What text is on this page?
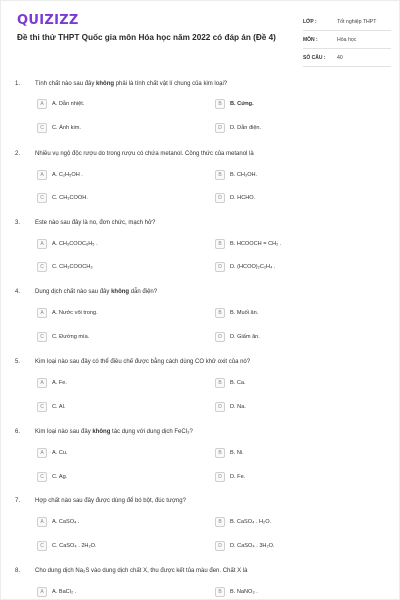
QUIZIZZ
Đề thi thử THPT Quốc gia môn Hóa học năm 2022 có đáp án (Đề 4)
LỚP :	Tốt nghiệp THPT
MÔN :	Hóa học
SỐ CÂU :	40
1. Tính chất nào sau đây không phải là tính chất vật lí chung của kim loại?
A	A. Dẫn nhiệt.	B	B. Cứng.
C	C. Ánh kim.	D	D. Dẫn điện.
2. Nhiều vụ ngộ độc rượu do trong rượu có chứa metanol. Công thức của metanol là
A	A. C₂H₅OH .	B	B. CH₃OH.
C	C. CH₃COOH.	D	D. HCHO.
3. Este nào sau đây là no, đơn chức, mạch hở?
A	A. CH₃COOC₆H₅ .	B	B. HCOOCH = CH₂ .
C	C. CH₃COOCH₃	D	D. (HCOO)₂C₂H₄ .
4. Dung dịch chất nào sau đây không dẫn điện?
A	A. Nước vôi trong.	B	B. Muối ăn.
C	C. Đường mía.	D	D. Giấm ăn.
5. Kim loại nào sau đây có thể điều chế được bằng cách dùng CO khử oxit của nó?
A	A. Fe.	B	B. Ca.
C	C. Al.	D	D. Na.
6. Kim loại nào sau đây không tác dụng với dung dịch FeCl₃?
A	A. Cu.	B	B. Ni.
C	C. Ag.	D	D. Fe.
7. Hợp chất nào sau đây được dùng để bó bột, đúc tượng?
A	A. CaSO₄ .	B	B. CaSO₄ . H₂O.
C	C. CaSO₄ . 2H₂O.	D	D. CaSO₄ . 3H₂O.
8. Cho dung dịch Na₂S vào dung dịch chất X, thu được kết tủa màu đen. Chất X là
A	A. BaCl₂ .	B	B. NaNO₃ .
